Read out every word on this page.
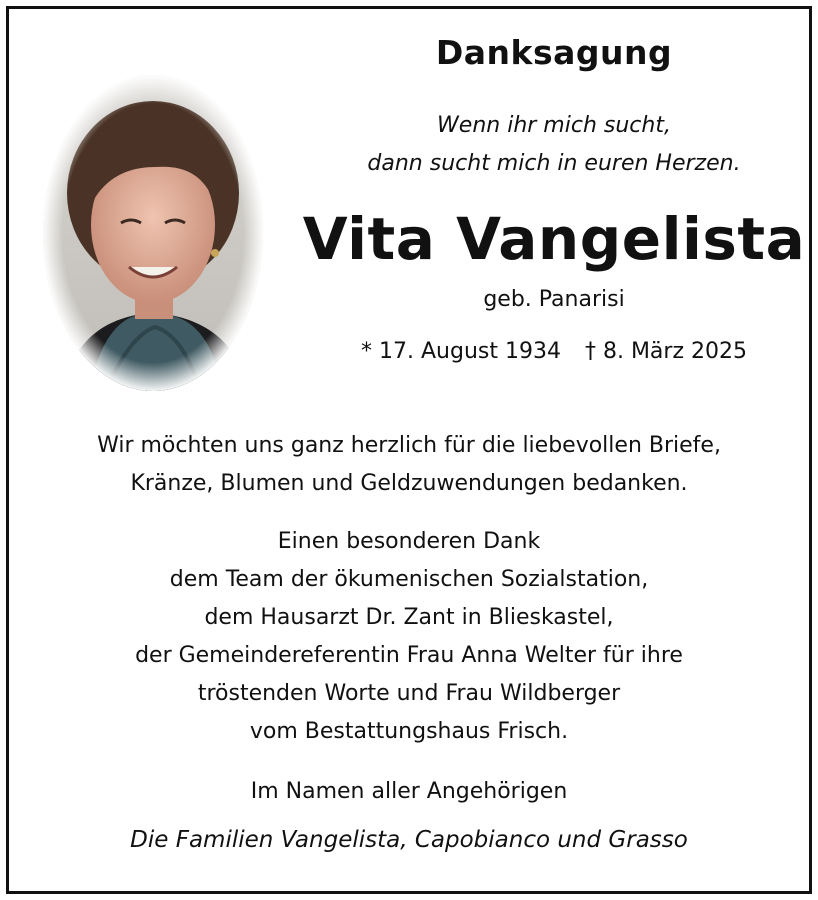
Danksagung
Wenn ihr mich sucht,
dann sucht mich in euren Herzen.
Vita Vangelista
geb. Panarisi
* 17. August 1934 † 8. März 2025
Wir möchten uns ganz herzlich für die liebevollen Briefe,
Kränze, Blumen und Geldzuwendungen bedanken.
Einen besonderen Dank
dem Team der ökumenischen Sozialstation,
dem Hausarzt Dr. Zant in Blieskastel,
der Gemeindereferentin Frau Anna Welter für ihre
tröstenden Worte und Frau Wildberger
vom Bestattungshaus Frisch.
Im Namen aller Angehörigen
Die Familien Vangelista, Capobianco und Grasso
